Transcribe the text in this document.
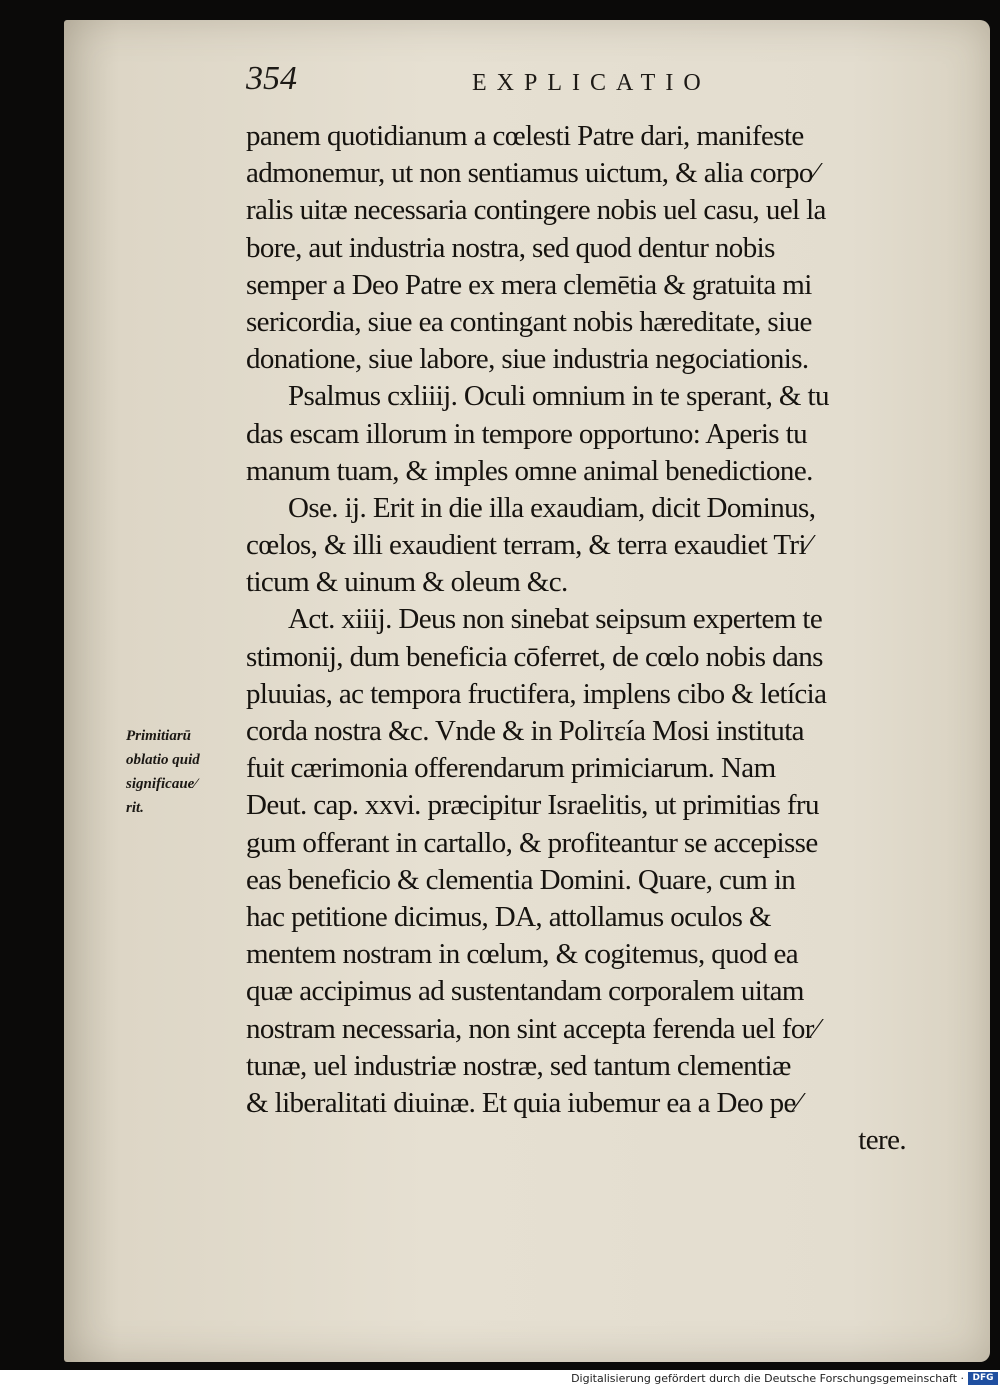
354	EXPLICATIO
panem quotidianum a cœlesti Patre dari, manifeste
admonemur, ut non sentiamus uictum, & alia corpo⁄
ralis uitæ necessaria contingere nobis uel casu, uel la
bore, aut industria nostra, sed quod dentur nobis
semper a Deo Patre ex mera clemētia & gratuita mi
sericordia, siue ea contingant nobis hæreditate, siue
donatione, siue labore, siue industria negociationis.
Psalmus cxliiij. Oculi omnium in te sperant, & tu
das escam illorum in tempore opportuno: Aperis tu
manum tuam, & imples omne animal benedictione.
Ose. ij. Erit in die illa exaudiam, dicit Dominus,
cœlos, & illi exaudient terram, & terra exaudiet Tri⁄
ticum & uinum & oleum &c.
Act. xiiij. Deus non sinebat seipsum expertem te
stimonij, dum beneficia cōferret, de cœlo nobis dans
pluuias, ac tempora fructifera, implens cibo & letícia
corda nostra &c. Vnde & in Poliτεía Mosi instituta
fuit cærimonia offerendarum primiciarum. Nam
Deut. cap. xxvi. præcipitur Israelitis, ut primitias fru
gum offerant in cartallo, & profiteantur se accepisse
eas beneficio & clementia Domini. Quare, cum in
hac petitione dicimus, DA, attollamus oculos &
mentem nostram in cœlum, & cogitemus, quod ea
quæ accipimus ad sustentandam corporalem uitam
nostram necessaria, non sint accepta ferenda uel for⁄
tunæ, uel industriæ nostræ, sed tantum clementiæ
& liberalitati diuinæ. Et quia iubemur ea a Deo pe⁄
tere.
Primitiarū
oblatio quid
significaue⁄
rit.
Digitalisierung gefördert durch die Deutsche Forschungsgemeinschaft · DFG
